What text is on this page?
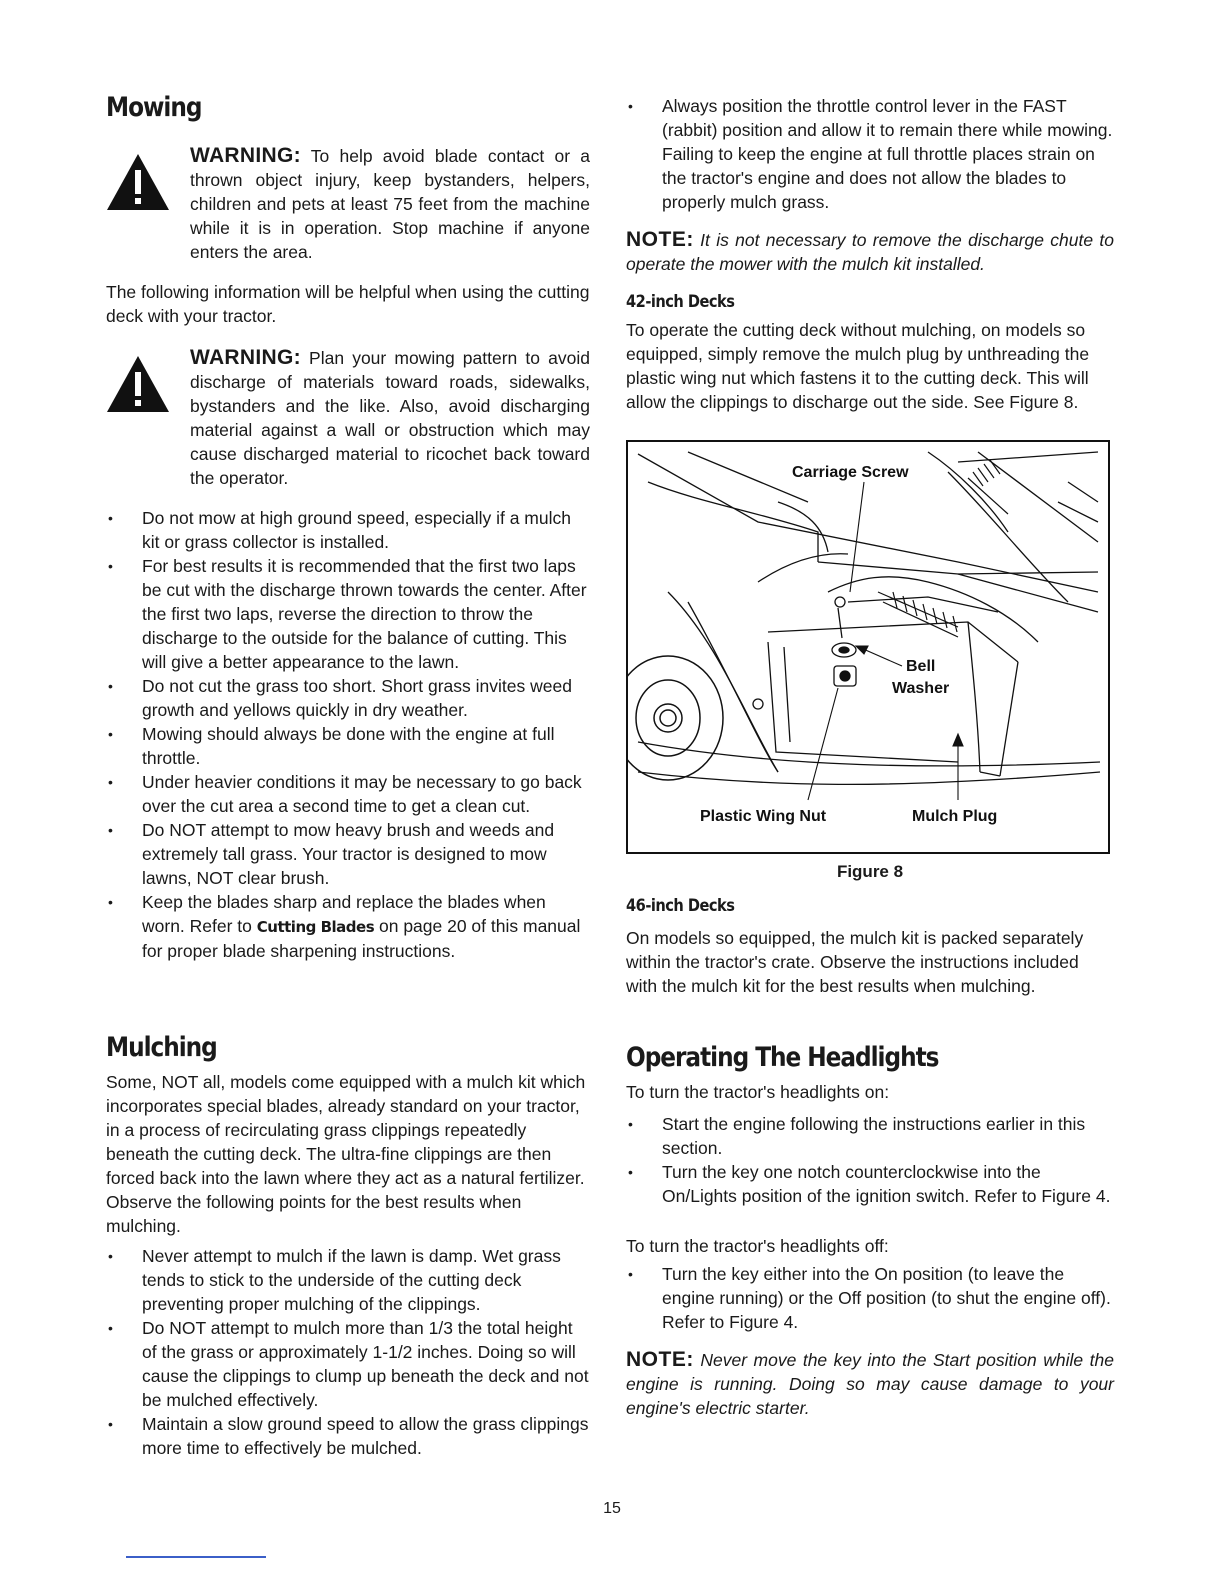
Mowing
WARNING: To help avoid blade contact or a thrown object injury, keep bystanders, helpers, children and pets at least 75 feet from the machine while it is in operation. Stop machine if anyone enters the area.

The following information will be helpful when using the cutting deck with your tractor.

WARNING: Plan your mowing pattern to avoid discharge of materials toward roads, sidewalks, bystanders and the like. Also, avoid discharging material against a wall or obstruction which may cause discharged material to ricochet back toward the operator.
• Do not mow at high ground speed, especially if a mulch kit or grass collector is installed.
• For best results it is recommended that the first two laps be cut with the discharge thrown towards the center. After the first two laps, reverse the direction to throw the discharge to the outside for the balance of cutting. This will give a better appearance to the lawn.
• Do not cut the grass too short. Short grass invites weed growth and yellows quickly in dry weather.
• Mowing should always be done with the engine at full throttle.
• Under heavier conditions it may be necessary to go back over the cut area a second time to get a clean cut.
• Do NOT attempt to mow heavy brush and weeds and extremely tall grass. Your tractor is designed to mow lawns, NOT clear brush.
• Keep the blades sharp and replace the blades when worn. Refer to Cutting Blades on page 20 of this manual for proper blade sharpening instructions.
Mulching

Some, NOT all, models come equipped with a mulch kit which incorporates special blades, already standard on your tractor, in a process of recirculating grass clippings repeatedly beneath the cutting deck. The ultra-fine clippings are then forced back into the lawn where they act as a natural fertilizer. Observe the following points for the best results when mulching.

• Never attempt to mulch if the lawn is damp. Wet grass tends to stick to the underside of the cutting deck preventing proper mulching of the clippings.
• Do NOT attempt to mulch more than 1/3 the total height of the grass or approximately 1-1/2 inches. Doing so will cause the clippings to clump up beneath the deck and not be mulched effectively.
• Maintain a slow ground speed to allow the grass clippings more time to effectively be mulched.
• Always position the throttle control lever in the FAST (rabbit) position and allow it to remain there while mowing. Failing to keep the engine at full throttle places strain on the tractor's engine and does not allow the blades to properly mulch grass.
NOTE: It is not necessary to remove the discharge chute to operate the mower with the mulch kit installed.
42-inch Decks

To operate the cutting deck without mulching, on models so equipped, simply remove the mulch plug by unthreading the plastic wing nut which fastens it to the cutting deck. This will allow the clippings to discharge out the side. See Figure 8.

Carriage Screw
Bell
Washer
Plastic Wing Nut	Mulch Plug
Figure 8
46-inch Decks

On models so equipped, the mulch kit is packed separately within the tractor's crate. Observe the instructions included with the mulch kit for the best results when mulching.

Operating The Headlights

To turn the tractor's headlights on:

• Start the engine following the instructions earlier in this section.
• Turn the key one notch counterclockwise into the On/Lights position of the ignition switch. Refer to Figure 4.

To turn the tractor's headlights off:

• Turn the key either into the On position (to leave the engine running) or the Off position (to shut the engine off). Refer to Figure 4.
NOTE: Never move the key into the Start position while the engine is running. Doing so may cause damage to your engine's electric starter.
15
